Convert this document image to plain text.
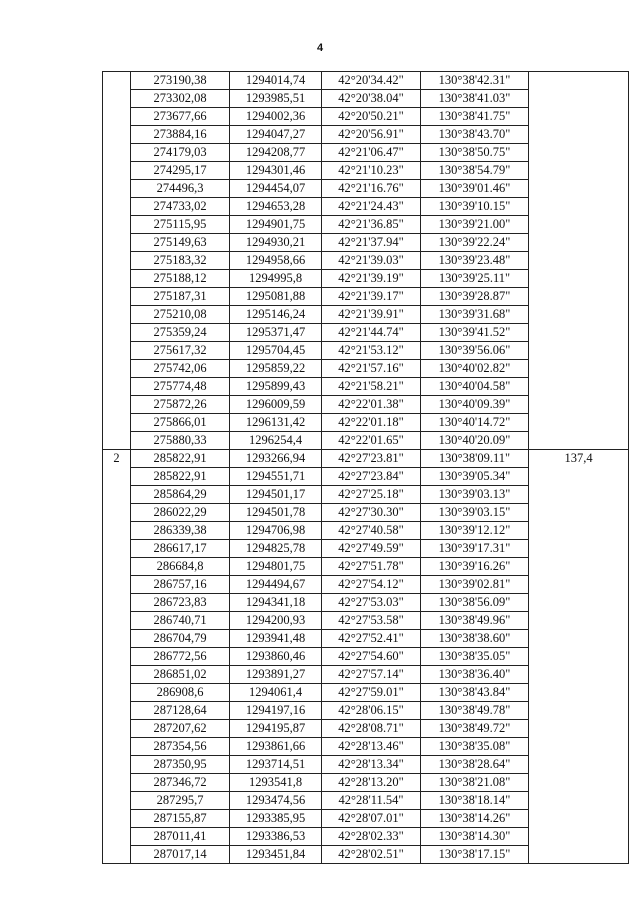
4
	273190,38	1294014,74	42°20'34.42"	130°38'42.31"	
	273302,08	1293985,51	42°20'38.04"	130°38'41.03"	
	273677,66	1294002,36	42°20'50.21"	130°38'41.75"	
	273884,16	1294047,27	42°20'56.91"	130°38'43.70"	
	274179,03	1294208,77	42°21'06.47"	130°38'50.75"	
	274295,17	1294301,46	42°21'10.23"	130°38'54.79"	
	274496,3	1294454,07	42°21'16.76"	130°39'01.46"	
	274733,02	1294653,28	42°21'24.43"	130°39'10.15"	
	275115,95	1294901,75	42°21'36.85"	130°39'21.00"	
	275149,63	1294930,21	42°21'37.94"	130°39'22.24"	
	275183,32	1294958,66	42°21'39.03"	130°39'23.48"	
	275188,12	1294995,8	42°21'39.19"	130°39'25.11"	
	275187,31	1295081,88	42°21'39.17"	130°39'28.87"	
	275210,08	1295146,24	42°21'39.91"	130°39'31.68"	
	275359,24	1295371,47	42°21'44.74"	130°39'41.52"	
	275617,32	1295704,45	42°21'53.12"	130°39'56.06"	
	275742,06	1295859,22	42°21'57.16"	130°40'02.82"	
	275774,48	1295899,43	42°21'58.21"	130°40'04.58"	
	275872,26	1296009,59	42°22'01.38"	130°40'09.39"	
	275866,01	1296131,42	42°22'01.18"	130°40'14.72"	
	275880,33	1296254,4	42°22'01.65"	130°40'20.09"	
2	285822,91	1293266,94	42°27'23.81"	130°38'09.11"	137,4
	285822,91	1294551,71	42°27'23.84"	130°39'05.34"	
	285864,29	1294501,17	42°27'25.18"	130°39'03.13"	
	286022,29	1294501,78	42°27'30.30"	130°39'03.15"	
	286339,38	1294706,98	42°27'40.58"	130°39'12.12"	
	286617,17	1294825,78	42°27'49.59"	130°39'17.31"	
	286684,8	1294801,75	42°27'51.78"	130°39'16.26"	
	286757,16	1294494,67	42°27'54.12"	130°39'02.81"	
	286723,83	1294341,18	42°27'53.03"	130°38'56.09"	
	286740,71	1294200,93	42°27'53.58"	130°38'49.96"	
	286704,79	1293941,48	42°27'52.41"	130°38'38.60"	
	286772,56	1293860,46	42°27'54.60"	130°38'35.05"	
	286851,02	1293891,27	42°27'57.14"	130°38'36.40"	
	286908,6	1294061,4	42°27'59.01"	130°38'43.84"	
	287128,64	1294197,16	42°28'06.15"	130°38'49.78"	
	287207,62	1294195,87	42°28'08.71"	130°38'49.72"	
	287354,56	1293861,66	42°28'13.46"	130°38'35.08"	
	287350,95	1293714,51	42°28'13.34"	130°38'28.64"	
	287346,72	1293541,8	42°28'13.20"	130°38'21.08"	
	287295,7	1293474,56	42°28'11.54"	130°38'18.14"	
	287155,87	1293385,95	42°28'07.01"	130°38'14.26"	
	287011,41	1293386,53	42°28'02.33"	130°38'14.30"	
	287017,14	1293451,84	42°28'02.51"	130°38'17.15"	
